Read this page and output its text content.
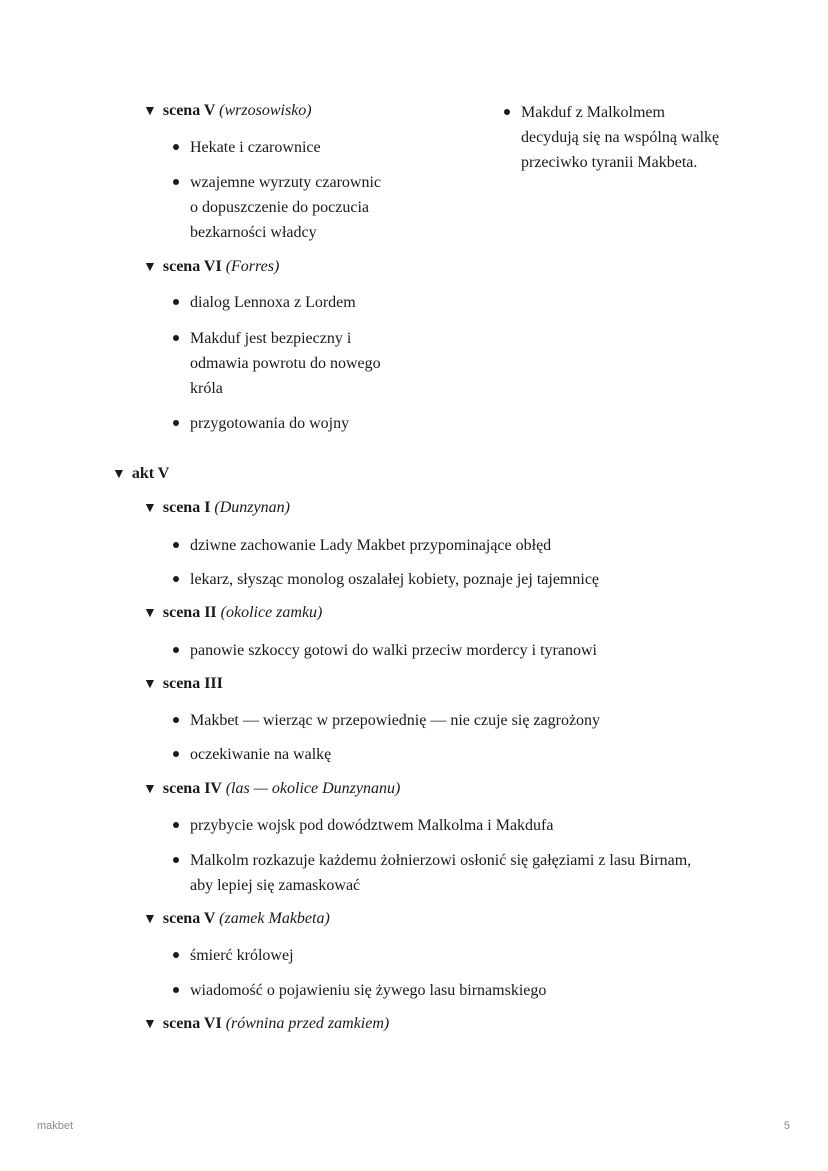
Makduf z Malkolmem
decydują się na wspólną walkę
przeciwko tyranii Makbeta.
▼ scena V (wrzosowisko)
Hekate i czarownice
wzajemne wyrzuty czarownic
o dopuszczenie do poczucia
bezkarności władcy
▼ scena VI (Forres)
dialog Lennoxa z Lordem
Makduf jest bezpieczny i
odmawia powrotu do nowego
króla
przygotowania do wojny
▼ akt V
▼ scena I (Dunzynan)
dziwne zachowanie Lady Makbet przypominające obłęd
lekarz, słysząc monolog oszalałej kobiety, poznaje jej tajemnicę
▼ scena II (okolice zamku)
panowie szkoccy gotowi do walki przeciw mordercy i tyranowi
▼ scena III
Makbet — wierząc w przepowiednię — nie czuje się zagrożony
oczekiwanie na walkę
▼ scena IV (las — okolice Dunzynanu)
przybycie wojsk pod dowództwem Malkolma i Makdufa
Malkolm rozkazuje każdemu żołnierzowi osłonić się gałęziami z lasu Birnam,
aby lepiej się zamaskować
▼ scena V (zamek Makbeta)
śmierć królowej
wiadomość o pojawieniu się żywego lasu birnamskiego
▼ scena VI (równina przed zamkiem)
makbet	5
